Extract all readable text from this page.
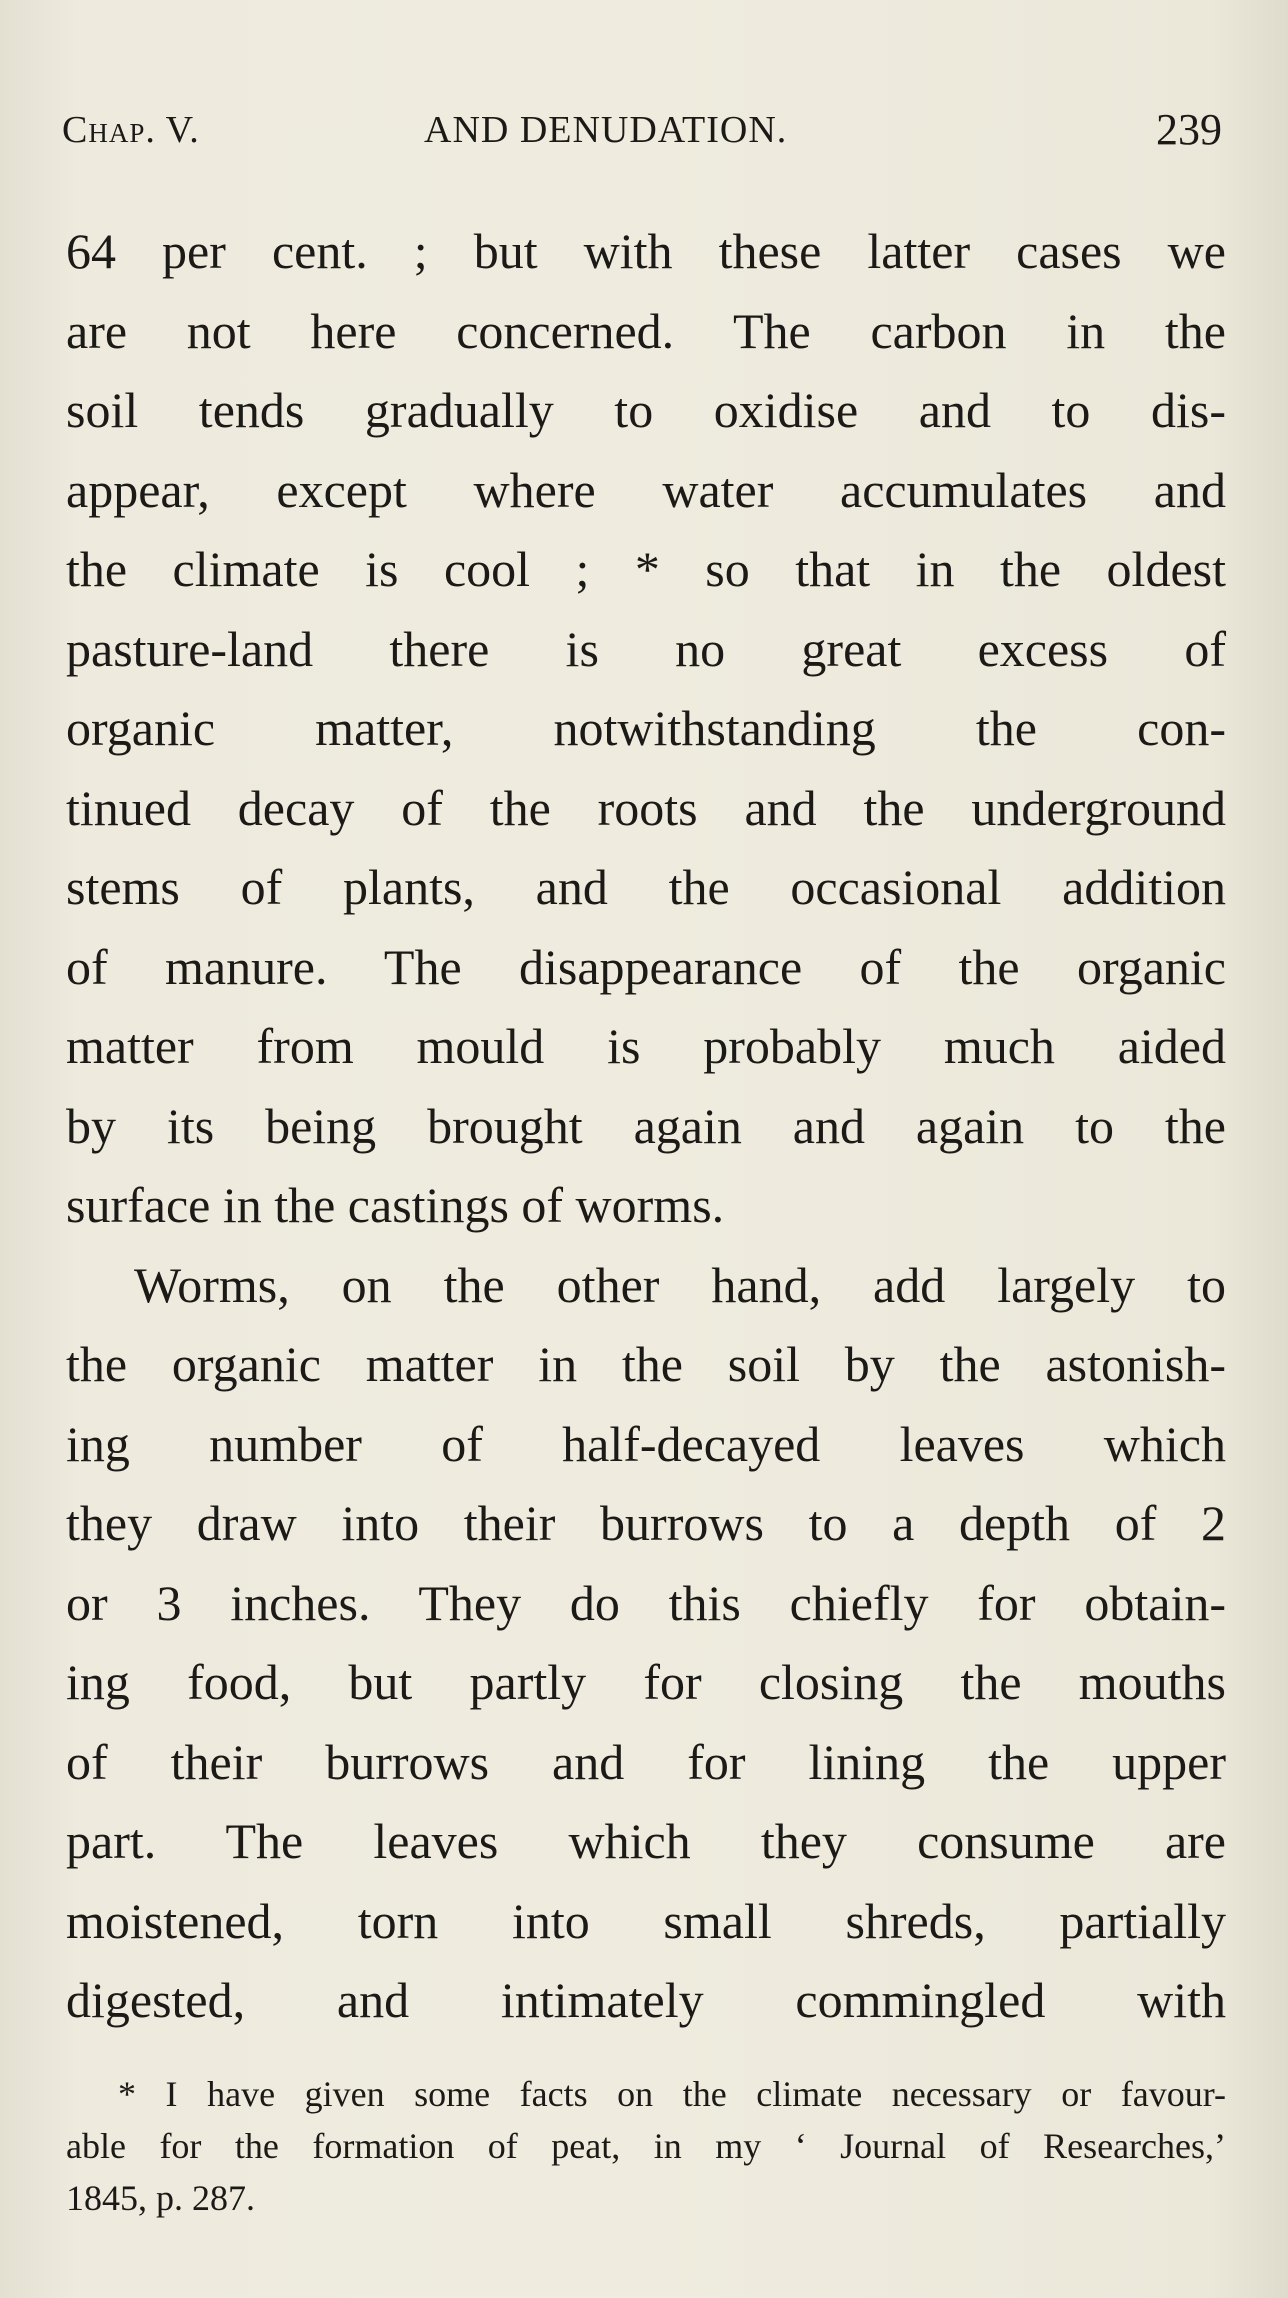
Chap. V.	AND DENUDATION.	239
64 per cent. ; but with these latter cases we
are not here concerned. The carbon in the
soil tends gradually to oxidise and to dis-
appear, except where water accumulates and
the climate is cool ; * so that in the oldest
pasture-land there is no great excess of
organic matter, notwithstanding the con-
tinued decay of the roots and the underground
stems of plants, and the occasional addition
of manure. The disappearance of the organic
matter from mould is probably much aided
by its being brought again and again to the
surface in the castings of worms.
Worms, on the other hand, add largely to
the organic matter in the soil by the astonish-
ing number of half-decayed leaves which
they draw into their burrows to a depth of 2
or 3 inches. They do this chiefly for obtain-
ing food, but partly for closing the mouths
of their burrows and for lining the upper
part. The leaves which they consume are
moistened, torn into small shreds, partially
digested, and intimately commingled with
* I have given some facts on the climate necessary or favour-
able for the formation of peat, in my ‘ Journal of Researches,’
1845, p. 287.
